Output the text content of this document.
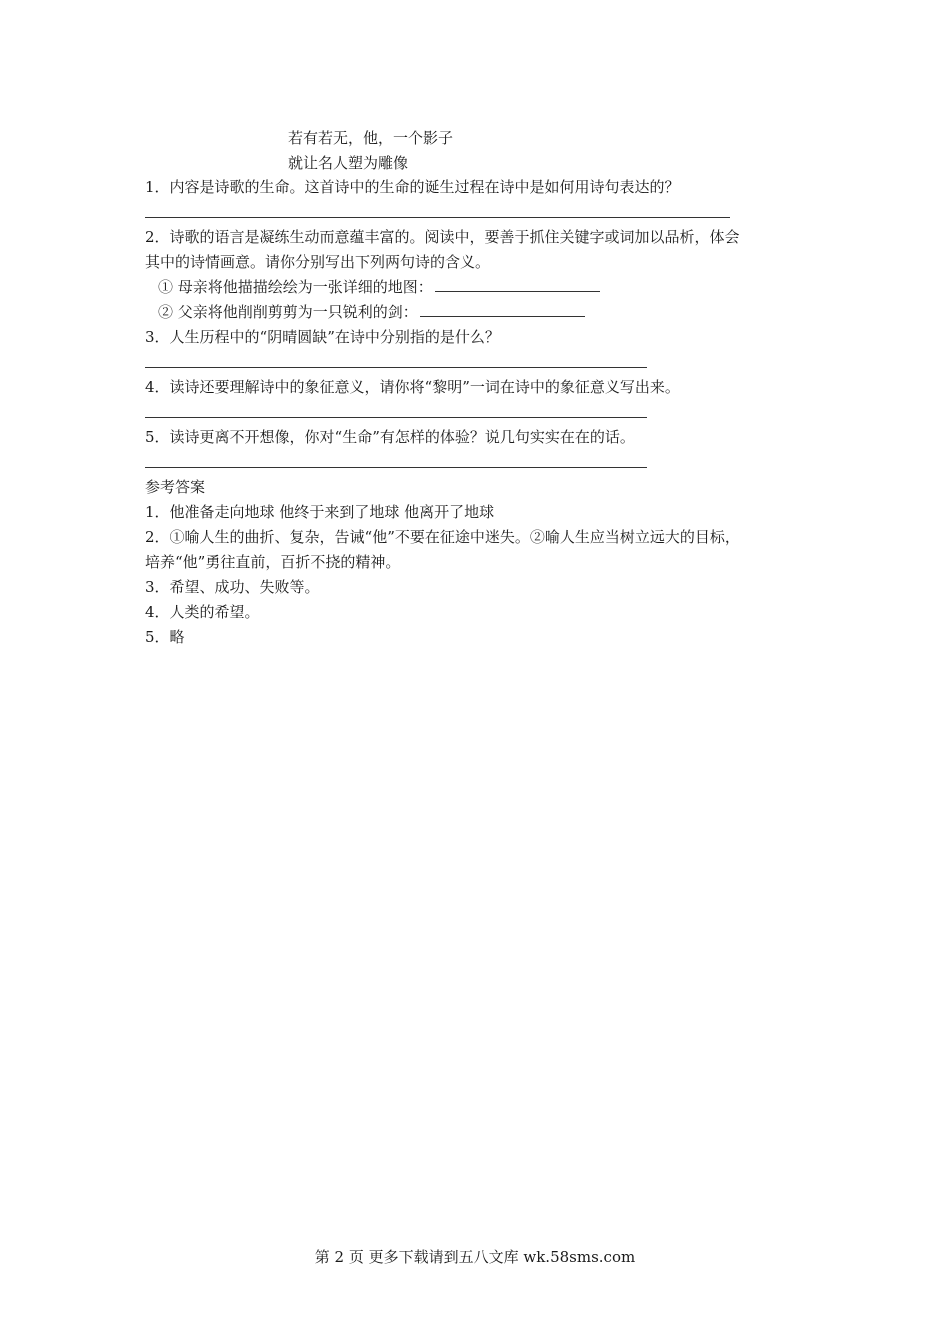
若有若无，他，一个影子
就让名人塑为雕像
1．内容是诗歌的生命。这首诗中的生命的诞生过程在诗中是如何用诗句表达的？
2．诗歌的语言是凝练生动而意蕴丰富的。阅读中，要善于抓住关键字或词加以品析，体会
其中的诗情画意。请你分别写出下列两句诗的含义。
① 母亲将他描描绘绘为一张详细的地图：
② 父亲将他削削剪剪为一只锐利的剑：
3．人生历程中的“阴晴圆缺”在诗中分别指的是什么？
4．读诗还要理解诗中的象征意义，请你将“黎明”一词在诗中的象征意义写出来。
5．读诗更离不开想像，你对“生命”有怎样的体验？说几句实实在在的话。
参考答案
1．他准备走向地球 他终于来到了地球 他离开了地球
2．①喻人生的曲折、复杂，告诫“他”不要在征途中迷失。②喻人生应当树立远大的目标，
培养“他”勇往直前，百折不挠的精神。
3．希望、成功、失败等。
4．人类的希望。
5．略
第 2 页 更多下载请到五八文库 wk.58sms.com
